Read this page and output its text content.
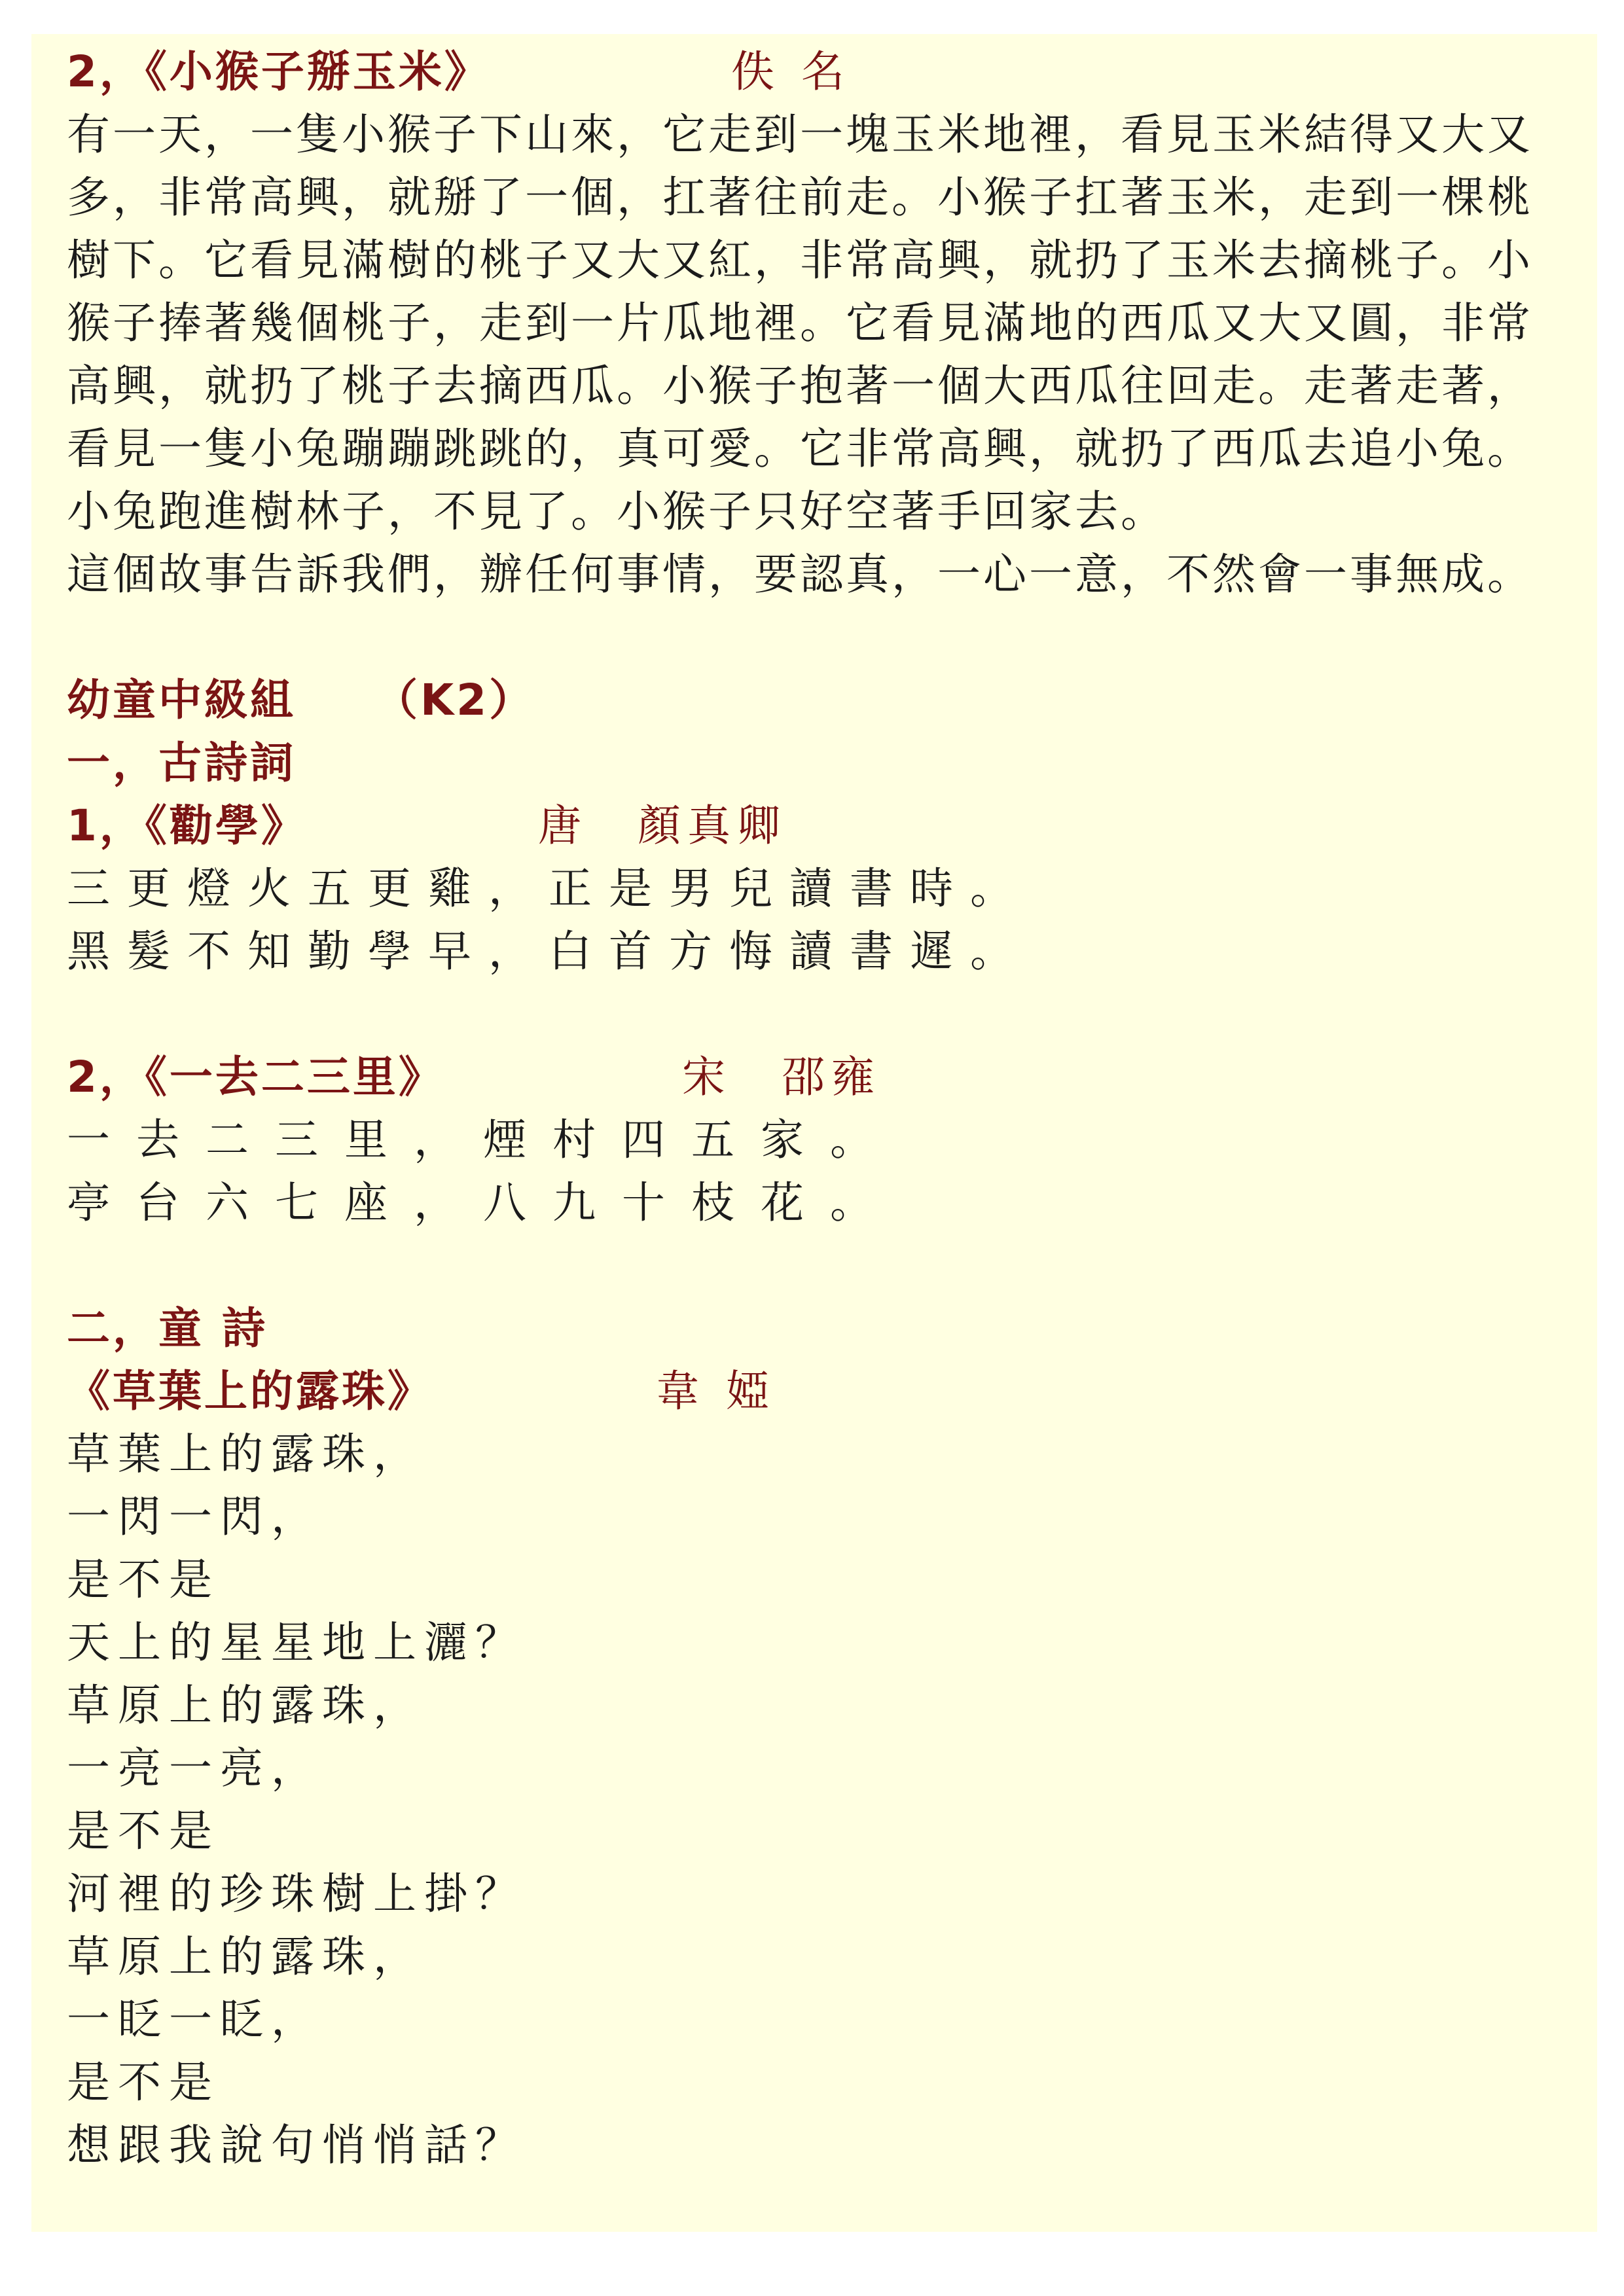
2，《小猴子掰玉米》	佚 名
有一天，一隻小猴子下山來，它走到一塊玉米地裡，看見玉米結得又大又
多，非常高興，就掰了一個，扛著往前走。小猴子扛著玉米，走到一棵桃
樹下。它看見滿樹的桃子又大又紅，非常高興，就扔了玉米去摘桃子。小
猴子捧著幾個桃子，走到一片瓜地裡。它看見滿地的西瓜又大又圓，非常
高興，就扔了桃子去摘西瓜。小猴子抱著一個大西瓜往回走。走著走著，
看見一隻小兔蹦蹦跳跳的，真可愛。它非常高興，就扔了西瓜去追小兔。
小兔跑進樹林子，不見了。小猴子只好空著手回家去。
這個故事告訴我們，辦任何事情，要認真，一心一意，不然會一事無成。
幼童中級組 （K2）
一，古詩詞
1，《勸學》	唐　顏真卿
三更燈火五更雞，正是男兒讀書時。
黑髮不知勤學早，白首方悔讀書遲。
2，《一去二三里》	宋　邵雍
一去二三里，煙村四五家。
亭台六七座，八九十枝花。
二，童 詩
《草葉上的露珠》	韋 婭
草葉上的露珠，
一閃一閃，
是不是
天上的星星地上灑？
草原上的露珠，
一亮一亮，
是不是
河裡的珍珠樹上掛？
草原上的露珠，
一眨一眨，
是不是
想跟我說句悄悄話？
